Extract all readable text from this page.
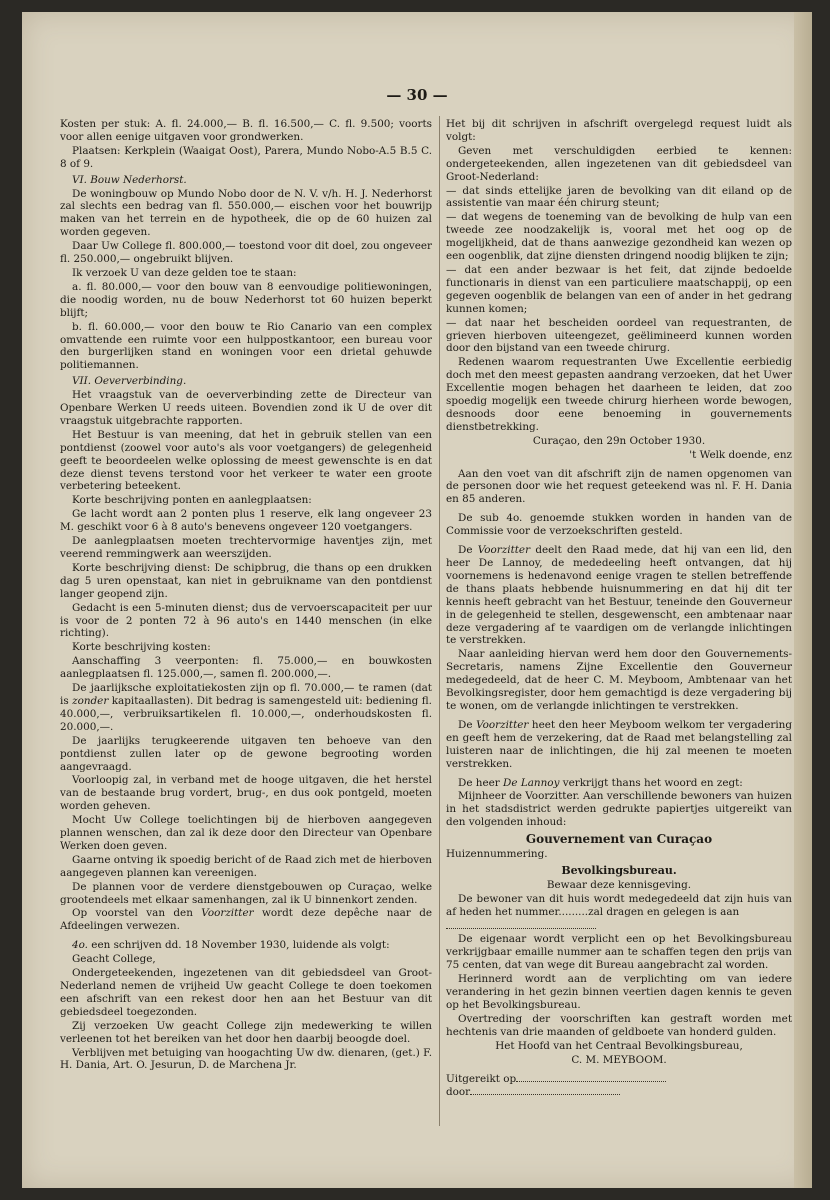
— 30 —

Kosten per stuk: A. fl. 24.000,— B. fl. 16.500,— C. fl. 9.500; voorts voor allen eenige uitgaven voor grondwerken.

Plaatsen: Kerkplein (Waaigat Oost), Parera, Mundo Nobo-A.5 B.5 C. 8 of 9.

VI. Bouw Nederhorst.

De woningbouw op Mundo Nobo door de N. V. v/h. H. J. Nederhorst zal slechts een bedrag van fl. 550.000,— eischen voor het bouwrijp maken van het terrein en de hypotheek, die op de 60 huizen zal worden gegeven.

Daar Uw College fl. 800.000,— toestond voor dit doel, zou ongeveer fl. 250.000,— ongebruikt blijven.

Ik verzoek U van deze gelden toe te staan:

a. fl. 80.000,— voor den bouw van 8 eenvoudige politiewoningen, die noodig worden, nu de bouw Nederhorst tot 60 huizen beperkt blijft;

b. fl. 60.000,— voor den bouw te Rio Canario van een complex omvattende een ruimte voor een hulppostkantoor, een bureau voor den burgerlijken stand en woningen voor een drietal gehuwde politiemannen.

VII. Oeververbinding.

Het vraagstuk van de oeververbinding zette de Directeur van Openbare Werken U reeds uiteen. Bovendien zond ik U de over dit vraagstuk uitgebrachte rapporten.

Het Bestuur is van meening, dat het in gebruik stellen van een pontdienst (zoowel voor auto's als voor voetgangers) de gelegenheid geeft te beoordeelen welke oplossing de meest gewenschte is en dat deze dienst tevens terstond voor het verkeer te water een groote verbetering beteekent.

Korte beschrijving ponten en aanlegplaatsen:

Ge lacht wordt aan 2 ponten plus 1 reserve, elk lang ongeveer 23 M. geschikt voor 6 à 8 auto's benevens ongeveer 120 voetgangers.

De aanlegplaatsen moeten trechtervormige haventjes zijn, met veerend remmingwerk aan weerszijden.

Korte beschrijving dienst: De schipbrug, die thans op een drukken dag 5 uren openstaat, kan niet in gebruikname van den pontdienst langer geopend zijn.

Gedacht is een 5-minuten dienst; dus de vervoerscapaciteit per uur is voor de 2 ponten 72 à 96 auto's en 1440 menschen (in elke richting).

Korte beschrijving kosten:

Aanschaffing 3 veerponten: fl. 75.000,— en bouwkosten aanlegplaatsen fl. 125.000,—, samen fl. 200.000,—.

De jaarlijksche exploitatiekosten zijn op fl. 70.000,— te ramen (dat is zonder kapitaallasten). Dit bedrag is samengesteld uit: bediening fl. 40.000,—, verbruiksartikelen fl. 10.000,—, onderhoudskosten fl. 20.000,—.

De jaarlijks terugkeerende uitgaven ten behoeve van den pontdienst zullen later op de gewone begrooting worden aangevraagd.

Voorloopig zal, in verband met de hooge uitgaven, die het herstel van de bestaande brug vordert, brug-, en dus ook pontgeld, moeten worden geheven.

Mocht Uw College toelichtingen bij de hierboven aangegeven plannen wenschen, dan zal ik deze door den Directeur van Openbare Werken doen geven.

Gaarne ontving ik spoedig bericht of de Raad zich met de hierboven aangegeven plannen kan vereenigen.

De plannen voor de verdere dienstgebouwen op Curaçao, welke grootendeels met elkaar samenhangen, zal ik U binnenkort zenden.

Op voorstel van den Voorzitter wordt deze depêche naar de Afdeelingen verwezen.

4o. een schrijven dd. 18 November 1930, luidende als volgt:

Geacht College,

Ondergeteekenden, ingezetenen van dit gebiedsdeel van Groot-Nederland nemen de vrijheid Uw geacht College te doen toekomen een afschrift van een rekest door hen aan het Bestuur van dit gebiedsdeel toegezonden.

Zij verzoeken Uw geacht College zijn medewerking te willen verleenen tot het bereiken van het door hen daarbij beoogde doel.

Verblijven met betuiging van hoogachting Uw dw. dienaren, (get.) F. H. Dania, Art. O. Jesurun, D. de Marchena Jr.

Het bij dit schrijven in afschrift overgelegd request luidt als volgt:

Geven met verschuldigden eerbied te kennen: ondergeteekenden, allen ingezetenen van dit gebiedsdeel van Groot-Nederland:

— dat sinds ettelijke jaren de bevolking van dit eiland op de assistentie van maar één chirurg steunt;

— dat wegens de toeneming van de bevolking de hulp van een tweede zee noodzakelijk is, vooral met het oog op de mogelijkheid, dat de thans aanwezige gezondheid kan wezen op een oogenblik, dat zijne diensten dringend noodig blijken te zijn;

— dat een ander bezwaar is het feit, dat zijnde bedoelde functionaris in dienst van een particuliere maatschappij, op een gegeven oogenblik de belangen van een of ander in het gedrang kunnen komen;

— dat naar het bescheiden oordeel van requestranten, de grieven hierboven uiteengezet, geëlimineerd kunnen worden door den bijstand van een tweede chirurg.

Redenen waarom requestranten Uwe Excellentie eerbiedig doch met den meest gepasten aandrang verzoeken, dat het Uwer Excellentie mogen behagen het daarheen te leiden, dat zoo spoedig mogelijk een tweede chirurg hierheen worde bewogen, desnoods door eene benoeming in gouvernements dienstbetrekking.

Curaçao, den 29n October 1930.

't Welk doende, enz

Aan den voet van dit afschrift zijn de namen opgenomen van de personen door wie het request geteekend was nl. F. H. Dania en 85 anderen.

De sub 4o. genoemde stukken worden in handen van de Commissie voor de verzoekschriften gesteld.

De Voorzitter deelt den Raad mede, dat hij van een lid, den heer De Lannoy, de mededeeling heeft ontvangen, dat hij voornemens is hedenavond eenige vragen te stellen betreffende de thans plaats hebbende huisnummering en dat hij dit ter kennis heeft gebracht van het Bestuur, teneinde den Gouverneur in de gelegenheid te stellen, desgewenscht, een ambtenaar naar deze vergadering af te vaardigen om de verlangde inlichtingen te verstrekken.

Naar aanleiding hiervan werd hem door den Gouvernements-Secretaris, namens Zijne Excellentie den Gouverneur medegedeeld, dat de heer C. M. Meyboom, Ambtenaar van het Bevolkingsregister, door hem gemachtigd is deze vergadering bij te wonen, om de verlangde inlichtingen te verstrekken.

De Voorzitter heet den heer Meyboom welkom ter vergadering en geeft hem de verzekering, dat de Raad met belangstelling zal luisteren naar de inlichtingen, die hij zal meenen te moeten verstrekken.

De heer De Lannoy verkrijgt thans het woord en zegt:

Mijnheer de Voorzitter. Aan verschillende bewoners van huizen in het stadsdistrict werden gedrukte papiertjes uitgereikt van den volgenden inhoud:

Gouvernement van Curaçao

Huizennummering.

Bevolkingsbureau.

Bewaar deze kennisgeving.

De bewoner van dit huis wordt medegedeeld dat zijn huis van af heden het nummer.........zal dragen en gelegen is aan

De eigenaar wordt verplicht een op het Bevolkingsbureau verkrijgbaar emaille nummer aan te schaffen tegen den prijs van 75 centen, dat van wege dit Bureau aangebracht zal worden.

Herinnerd wordt aan de verplichting om van iedere verandering in het gezin binnen veertien dagen kennis te geven op het Bevolkingsbureau.

Overtreding der voorschriften kan gestraft worden met hechtenis van drie maanden of geldboete van honderd gulden.

Het Hoofd van het Centraal Bevolkingsbureau,

C. M. MEYBOOM.

Uitgereikt op

door
